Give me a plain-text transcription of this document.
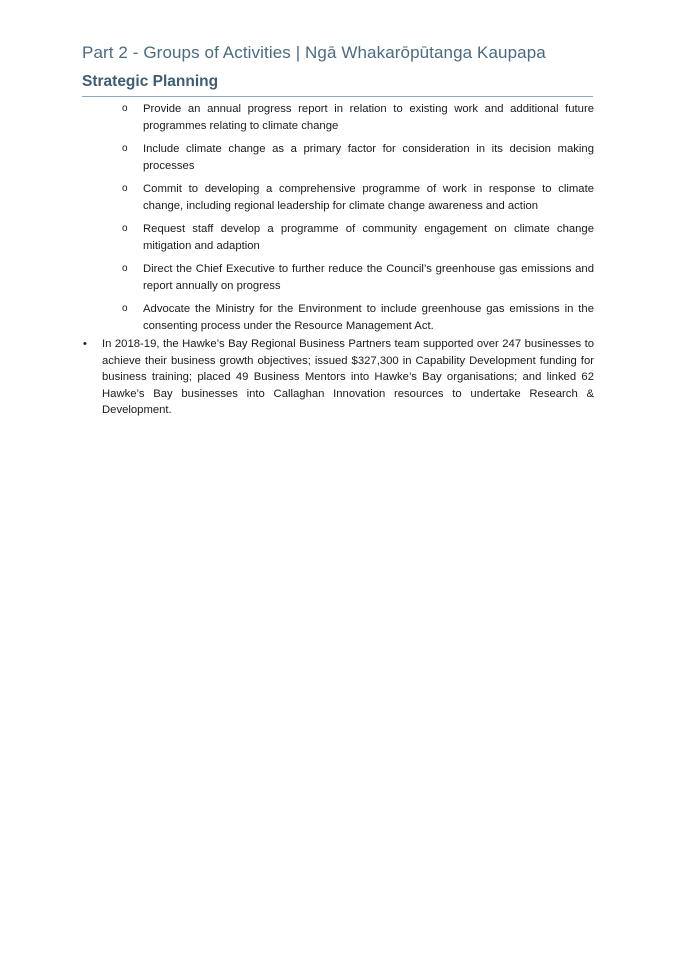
Part 2 - Groups of Activities | Ngā Whakarōpūtanga Kaupapa
Strategic Planning
o Provide an annual progress report in relation to existing work and additional future programmes relating to climate change
o Include climate change as a primary factor for consideration in its decision making processes
o Commit to developing a comprehensive programme of work in response to climate change, including regional leadership for climate change awareness and action
o Request staff develop a programme of community engagement on climate change mitigation and adaption
o Direct the Chief Executive to further reduce the Council’s greenhouse gas emissions and report annually on progress
o Advocate the Ministry for the Environment to include greenhouse gas emissions in the consenting process under the Resource Management Act.
• In 2018-19, the Hawke’s Bay Regional Business Partners team supported over 247 businesses to achieve their business growth objectives; issued $327,300 in Capability Development funding for business training; placed 49 Business Mentors into Hawke’s Bay organisations; and linked 62 Hawke’s Bay businesses into Callaghan Innovation resources to undertake Research & Development.
